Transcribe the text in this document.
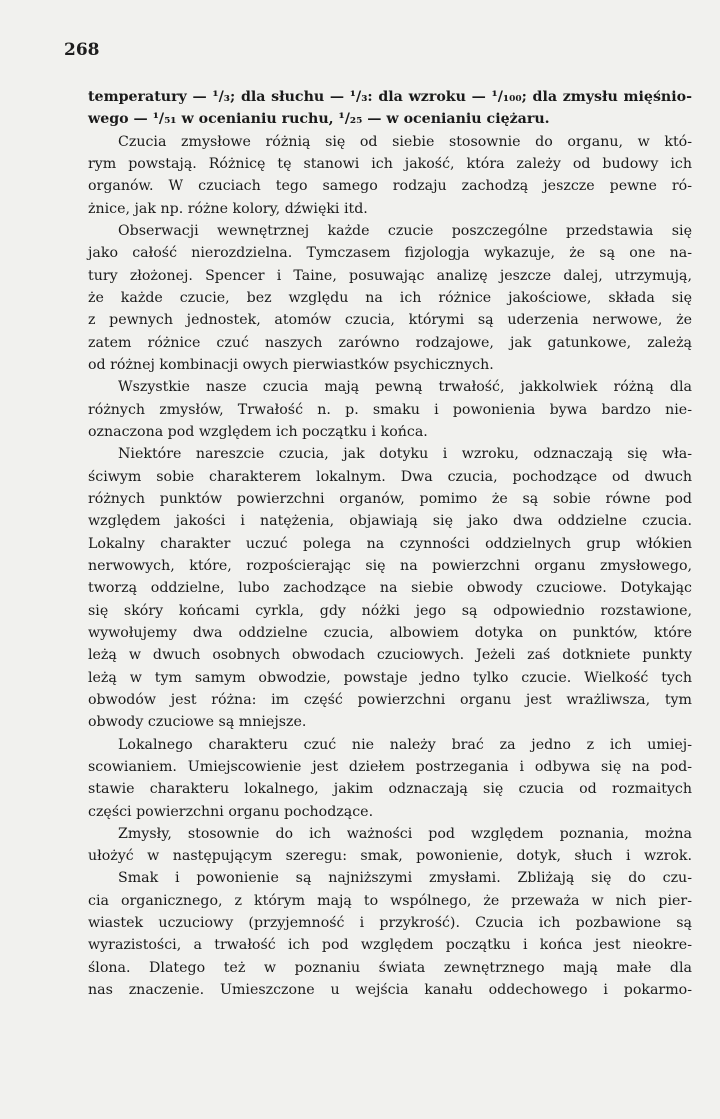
268
temperatury — ¹/₃; dla słuchu — ¹/₃: dla wzroku — ¹/₁₀₀; dla zmysłu mięśnio-
wego — ¹/₅₁ w ocenianiu ruchu, ¹/₂₅ — w ocenianiu ciężaru.
Czucia zmysłowe różnią się od siebie stosownie do organu, w któ-
rym powstają. Różnicę tę stanowi ich jakość, która zależy od budowy ich
organów. W czuciach tego samego rodzaju zachodzą jeszcze pewne ró-
żnice, jak np. różne kolory, dźwięki itd.
Obserwacji wewnętrznej każde czucie poszczególne przedstawia się
jako całość nierozdzielna. Tymczasem fizjologja wykazuje, że są one na-
tury złożonej. Spencer i Taine, posuwając analizę jeszcze dalej, utrzymują,
że każde czucie, bez względu na ich różnice jakościowe, składa się
z pewnych jednostek, atomów czucia, którymi są uderzenia nerwowe, że
zatem różnice czuć naszych zarówno rodzajowe, jak gatunkowe, zależą
od różnej kombinacji owych pierwiastków psychicznych.
Wszystkie nasze czucia mają pewną trwałość, jakkolwiek różną dla
różnych zmysłów, Trwałość n. p. smaku i powonienia bywa bardzo nie-
oznaczona pod względem ich początku i końca.
Niektóre nareszcie czucia, jak dotyku i wzroku, odznaczają się wła-
ściwym sobie charakterem lokalnym. Dwa czucia, pochodzące od dwuch
różnych punktów powierzchni organów, pomimo że są sobie równe pod
względem jakości i natężenia, objawiają się jako dwa oddzielne czucia.
Lokalny charakter uczuć polega na czynności oddzielnych grup włókien
nerwowych, które, rozpościerając się na powierzchni organu zmysłowego,
tworzą oddzielne, lubo zachodzące na siebie obwody czuciowe. Dotykając
się skóry końcami cyrkla, gdy nóżki jego są odpowiednio rozstawione,
wywołujemy dwa oddzielne czucia, albowiem dotyka on punktów, które
leżą w dwuch osobnych obwodach czuciowych. Jeżeli zaś dotkniete punkty
leżą w tym samym obwodzie, powstaje jedno tylko czucie. Wielkość tych
obwodów jest różna: im część powierzchni organu jest wrażliwsza, tym
obwody czuciowe są mniejsze.
Lokalnego charakteru czuć nie należy brać za jedno z ich umiej-
scowianiem. Umiejscowienie jest dziełem postrzegania i odbywa się na pod-
stawie charakteru lokalnego, jakim odznaczają się czucia od rozmaitych
części powierzchni organu pochodzące.
Zmysły, stosownie do ich ważności pod względem poznania, można
ułożyć w następującym szeregu: smak, powonienie, dotyk, słuch i wzrok.
Smak i powonienie są najniższymi zmysłami. Zbliżają się do czu-
cia organicznego, z którym mają to wspólnego, że przeważa w nich pier-
wiastek uczuciowy (przyjemność i przykrość). Czucia ich pozbawione są
wyrazistości, a trwałość ich pod względem początku i końca jest nieokre-
ślona. Dlatego też w poznaniu świata zewnętrznego mają małe dla
nas znaczenie. Umieszczone u wejścia kanału oddechowego i pokarmo-
